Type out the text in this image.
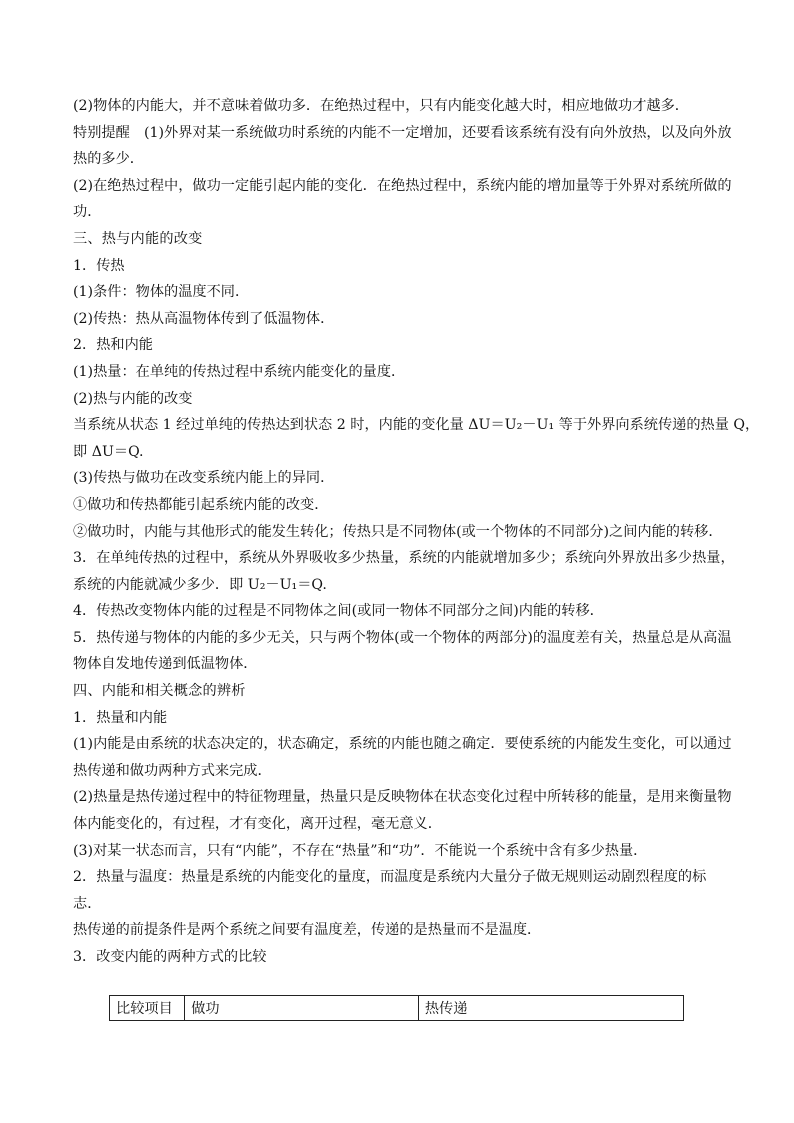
(2)物体的内能大，并不意味着做功多．在绝热过程中，只有内能变化越大时，相应地做功才越多．
特别提醒　(1)外界对某一系统做功时系统的内能不一定增加，还要看该系统有没有向外放热，以及向外放
热的多少．
(2)在绝热过程中，做功一定能引起内能的变化．在绝热过程中，系统内能的增加量等于外界对系统所做的
功．
三、热与内能的改变
1．传热
(1)条件：物体的温度不同．
(2)传热：热从高温物体传到了低温物体．
2．热和内能
(1)热量：在单纯的传热过程中系统内能变化的量度．
(2)热与内能的改变
当系统从状态 1 经过单纯的传热达到状态 2 时，内能的变化量 ΔU＝U₂－U₁ 等于外界向系统传递的热量 Q，
即 ΔU＝Q.
(3)传热与做功在改变系统内能上的异同．
①做功和传热都能引起系统内能的改变．
②做功时，内能与其他形式的能发生转化；传热只是不同物体(或一个物体的不同部分)之间内能的转移．
3．在单纯传热的过程中，系统从外界吸收多少热量，系统的内能就增加多少；系统向外界放出多少热量，
系统的内能就减少多少．即 U₂－U₁＝Q.
4．传热改变物体内能的过程是不同物体之间(或同一物体不同部分之间)内能的转移．
5．热传递与物体的内能的多少无关，只与两个物体(或一个物体的两部分)的温度差有关，热量总是从高温
物体自发地传递到低温物体．
四、内能和相关概念的辨析
1．热量和内能
(1)内能是由系统的状态决定的，状态确定，系统的内能也随之确定．要使系统的内能发生变化，可以通过
热传递和做功两种方式来完成．
(2)热量是热传递过程中的特征物理量，热量只是反映物体在状态变化过程中所转移的能量，是用来衡量物
体内能变化的，有过程，才有变化，离开过程，毫无意义．
(3)对某一状态而言，只有“内能”，不存在“热量”和“功”．不能说一个系统中含有多少热量．
2．热量与温度：热量是系统的内能变化的量度，而温度是系统内大量分子做无规则运动剧烈程度的标
志．
热传递的前提条件是两个系统之间要有温度差，传递的是热量而不是温度．
3．改变内能的两种方式的比较
比较项目	做功	热传递
